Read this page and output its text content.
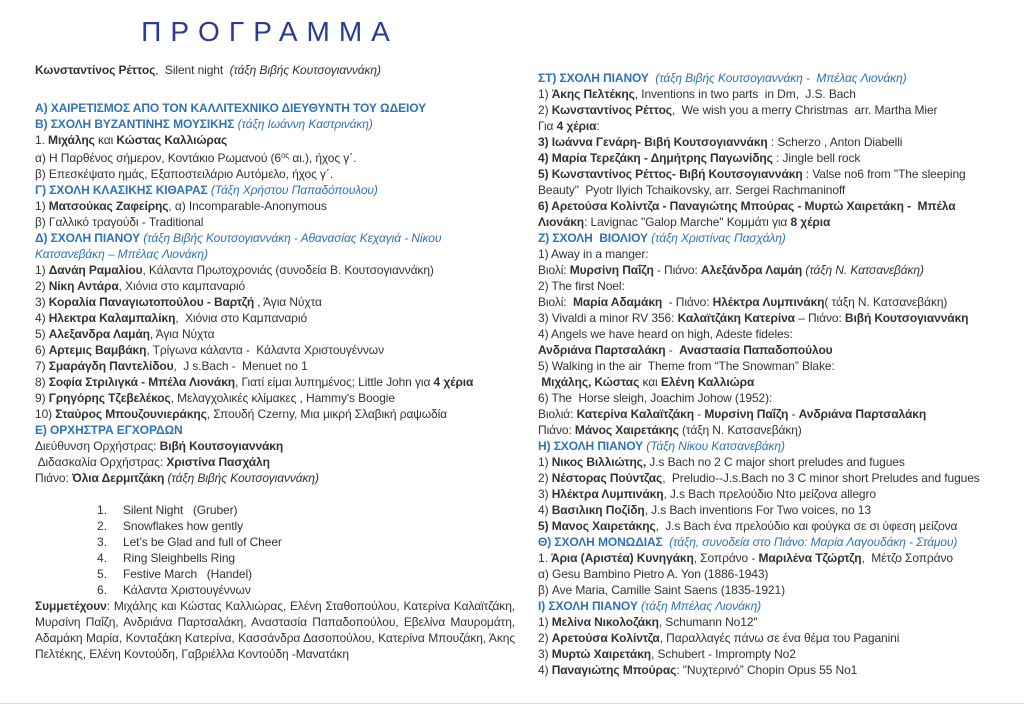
ΠΡΟΓΡΑΜΜΑ
Κωνσταντίνος Ρέττος,  Silent night  (τάξη Βιβής Κουτσογιαννάκη)
Α) ΧΑΙΡΕΤΙΣΜΟΣ ΑΠΟ ΤΟΝ ΚΑΛΛΙΤΕΧΝΙΚΟ ΔΙΕΥΘΥΝΤΗ ΤΟΥ ΩΔΕΙΟΥ
Β) ΣΧΟΛΗ ΒΥΖΑΝΤΙΝΗΣ ΜΟΥΣΙΚΗΣ (τάξη Ιωάννη Καστρινάκη)
1. Μιχάλης και Κώστας Καλλιώρας
α) Η Παρθένος σήμερον, Κοντάκιο Ρωμανού ($6^{o\varsigma}$ αι.), ήχος γ΄.
β) Επεσκέψατο ημάς, Εξαποστειλάριο Αυτόμελο, ήχος γ΄.
Γ) ΣΧΟΛΗ ΚΛΑΣΙΚΗΣ ΚΙΘΑΡΑΣ (Τάξη Χρήστου Παπαδόπουλου)
1) Ματσούκας Ζαφείρης, α) Incomparable-Anonymous
β) Γαλλικό τραγούδι - Traditional
Δ) ΣΧΟΛΗ ΠΙΑΝΟΥ (τάξη Βιβής Κουτσογιαννάκη - Αθανασίας Κεχαγιά - Νίκου
Κατσανεβάκη – Μπέλας Λιονάκη)
1) Δανάη Ραμαλίου, Κάλαντα Πρωτοχρονιάς (συνοδεία Β. Κουτσογιαννάκη)
2) Νίκη Αντάρα, Χιόνια στο καμπαναριό
3) Κοραλία Παναγιωτοπούλου - Βαρτζή , Άγια Νύχτα
4) Ηλεκτρα Καλαμπαλίκη,  Χιόνια στο Καμπαναριό
5) Αλεξανδρα Λαμάη, Άγια Νύχτα
6) Αρτεμις Βαμβάκη, Τρίγωνα κάλαντα -  Κάλαντα Χριστουγέννων
7) Σμαράγδη Παντελίδου,  J s.Bach -  Menuet no 1
8) Σοφία Στριλιγκά - Μπέλα Λιονάκη, Γιατί είμαι λυπημένος; Little John για 4 χέρια
9) Γρηγόρης Τζεβελέκος, Μελαγχολικές κλίμακες , Hammy's Boogie
10) Σταύρος Μπουζουνιεράκης, Σπουδή Czerny, Μια μικρή Σλαβική ραψωδία
Ε) ΟΡΧΗΣΤΡΑ ΕΓΧΟΡΔΩΝ
Διεύθυνση Ορχήστρας: Βιβή Κουτσογιαννάκη
Διδασκαλία Ορχήστρας: Χριστίνα Πασχάλη
Πιάνο: Όλια Δερμιτζάκη (τάξη Βιβής Κουτσογιαννάκη)
1. Silent Night   (Gruber)
2. Snowflakes how gently
3. Let’s be Glad and full of Cheer
4. Ring Sleighbells Ring
5. Festive March   (Handel)
6. Κάλαντα Χριστουγέννων
Συμμετέχουν: Μιχάλης και Κώστας Καλλιώρας, Ελένη Σταθοπούλου, Κατερίνα Καλαϊτζάκη, Μυρσίνη Παΐζη, Ανδριάνα Παρτσαλάκη, Αναστασία Παπαδοπούλου, Εβελίνα Μαυρομάτη, Αδαμάκη Μαρία, Κονταξάκη Κατερίνα, Κασσάνδρα Δασοπούλου, Κατερίνα Μπουζάκη, Άκης Πελτέκης, Ελένη Κοντούδη, Γαβριέλλα Κοντούδη -Μανατάκη
ΣΤ) ΣΧΟΛΗ ΠΙΑΝΟΥ  (τάξη Βιβής Κουτσογιαννάκη -  Μπέλας Λιονάκη)
1) Άκης Πελτέκης, Inventions in two parts  in Dm,  J.S. Bach
2) Κωνσταντίνος Ρέττος,  We wish you a merry Christmas  arr. Martha Mier
Για 4 χέρια:
3) Ιωάννα Γενάρη- Βιβή Κουτσογιαννάκη : Scherzo , Anton Diabelli
4) Μαρία Τερεζάκη - Δημήτρης Παγωνίδης : Jingle bell rock
5) Κωνσταντίνος Ρέττος- Βιβή Κουτσογιαννάκη : Valse no6 from "The sleeping
Beauty"  Pyotr Ilyich Tchaikovsky, arr. Sergei Rachmaninoff
6) Αρετούσα Κολίντζα - Παναγιώτης Μπούρας - Μυρτώ Χαιρετάκη -  Μπέλα
Λιονάκη: Lavignac "Galop Marche" Κομμάτι για 8 χέρια
Ζ) ΣΧΟΛΗ  ΒΙΟΛΙΟΥ (τάξη Χριστίνας Πασχάλη)
1) Away in a manger:
Βιολί: Μυρσίνη Παΐζη - Πιάνο: Αλεξάνδρα Λαμάη (τάξη Ν. Κατσανεβάκη)
2) The first Noel:
Βιολί:  Μαρία Αδαμάκη  - Πιάνο: Ηλέκτρα Λυμπινάκη( τάξη Ν. Κατσανεβάκη)
3) Vivaldi a minor RV 356: Καλαϊτζάκη Κατερίνα – Πιάνο: Βιβή Κουτσογιαννάκη
4) Angels we have heard on high, Adeste fideles:
Ανδριάνα Παρτσαλάκη -  Αναστασία Παπαδοπούλου
5) Walking in the air  Theme from “The Snowman” Blake:
Μιχάλης, Κώστας και Ελένη Καλλιώρα
6) The  Horse sleigh, Joachim Johow (1952):
Βιολιά: Κατερίνα Καλαϊτζάκη - Μυρσίνη Παΐζη - Ανδριάνα Παρτσαλάκη
Πιάνο: Μάνος Χαιρετάκης (τάξη Ν. Κατσανεβάκη)
Η) ΣΧΟΛΗ ΠΙΑΝΟΥ (Τάξη Νίκου Κατσανεβάκη)
1) Νικος Βιλλιώτης, J.s Bach no 2 C major short preludes and fugues
2) Νέστορας Πούντζας,  Preludio--J.s.Bach no 3 C minor short Preludes and fugues
3) Ηλέκτρα Λυμπινάκη, J.s Bach πρελούδιο Ντο μείζονα allegro
4) Βασιλικη Ποζίδη, J.s Bach inventions For Two voices, no 13
5) Μανος Χαιρετάκης,  J.s Bach ένα πρελούδιο και φούγκα σε σι ύφεση μείζονα
Θ) ΣΧΟΛΗ ΜΟΝΩΔΙΑΣ  (τάξη, συνοδεία στο Πιάνο: Μαρία Λαγουδάκη - Στάμου)
1. Άρια (Αριστέα) Κυνηγάκη, Σοπράνο - Μαριλένα Τζώρτζη,  Μέτζο Σοπράνο
α) Gesu Bambino Pietro A. Yon (1886-1943)
β) Ave Maria, Camille Saint Saens (1835-1921)
Ι) ΣΧΟΛΗ ΠΙΑΝΟΥ (τάξη Μπέλας Λιονάκη)
1) Μελίνα Νικολοζάκη, Schumann No12"
2) Αρετούσα Κολίντζα, Παραλλαγές πάνω σε ένα θέμα του Paganini
3) Μυρτώ Χαιρετάκη, Schubert - Imprompty No2
4) Παναγιώτης Μπούρας: "Νυχτερινό” Chopin Opus 55 No1
